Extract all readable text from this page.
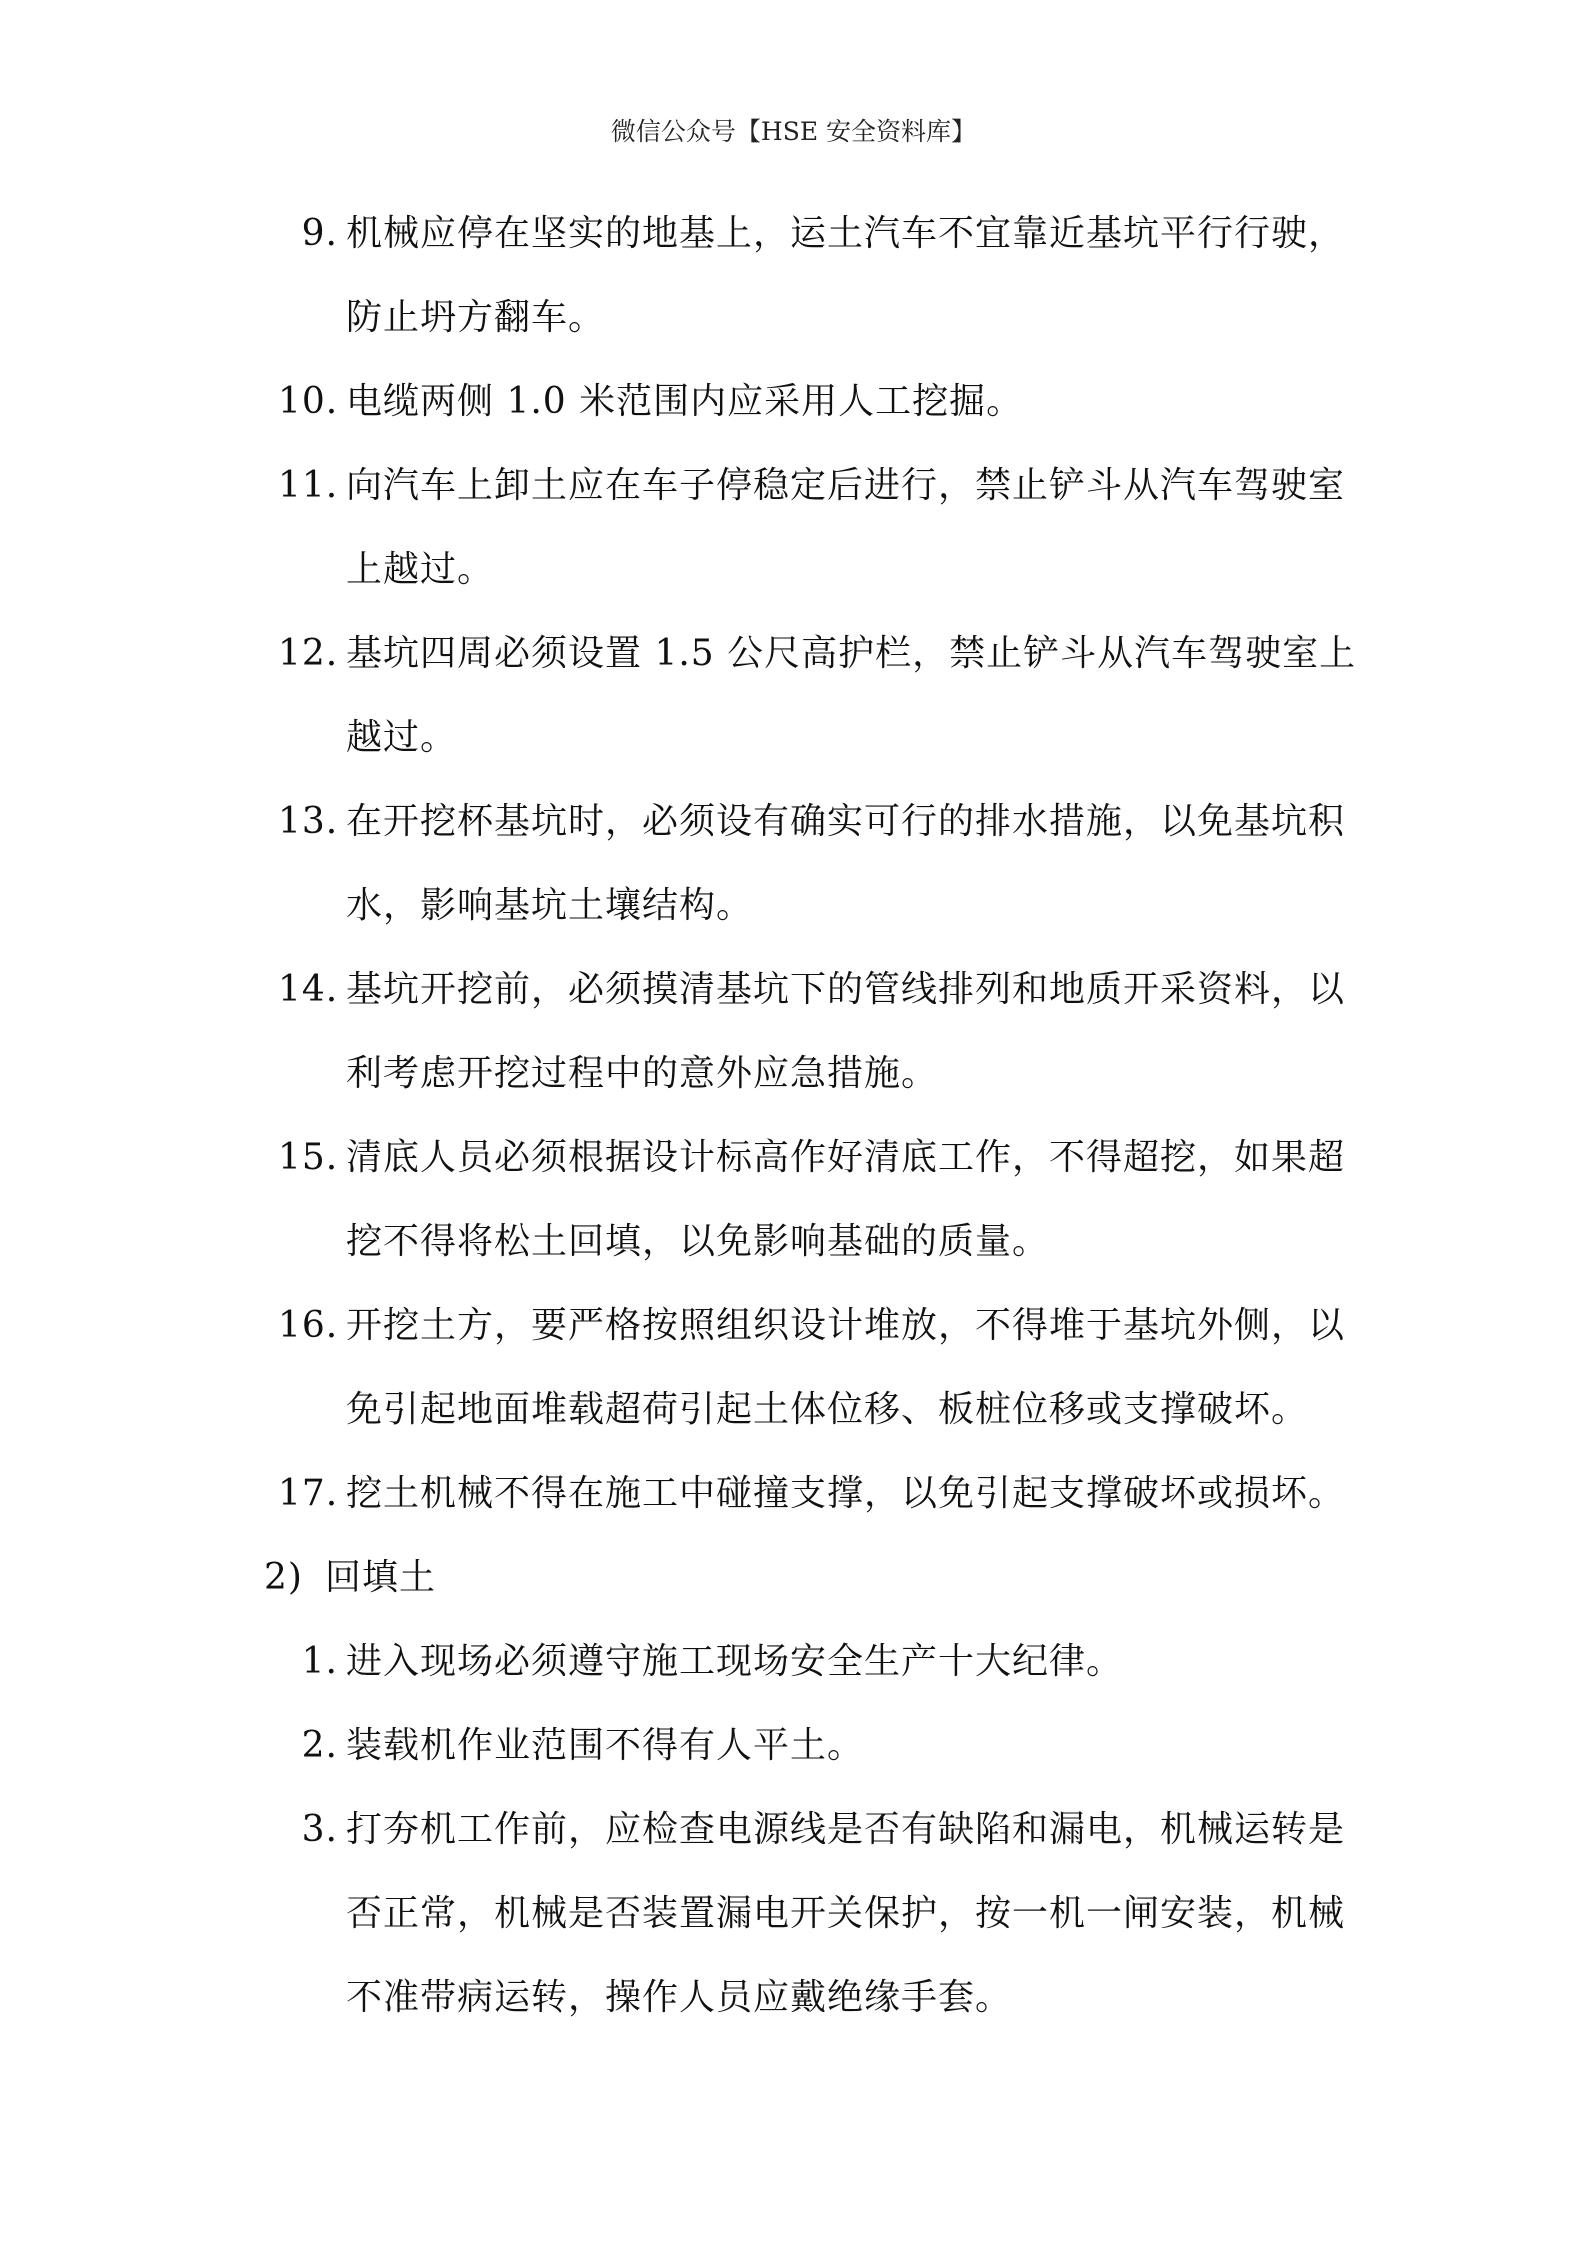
微信公众号【HSE 安全资料库】
9. 机械应停在坚实的地基上，运土汽车不宜靠近基坑平行行驶，
防止坍方翻车。
10. 电缆两侧 1.0 米范围内应采用人工挖掘。
11. 向汽车上卸土应在车子停稳定后进行，禁止铲斗从汽车驾驶室
上越过。
12. 基坑四周必须设置 1.5 公尺高护栏，禁止铲斗从汽车驾驶室上
越过。
13. 在开挖杯基坑时，必须设有确实可行的排水措施，以免基坑积
水，影响基坑土壤结构。
14. 基坑开挖前，必须摸清基坑下的管线排列和地质开采资料，以
利考虑开挖过程中的意外应急措施。
15. 清底人员必须根据设计标高作好清底工作，不得超挖，如果超
挖不得将松土回填，以免影响基础的质量。
16. 开挖土方，要严格按照组织设计堆放，不得堆于基坑外侧，以
免引起地面堆载超荷引起土体位移、板桩位移或支撑破坏。
17. 挖土机械不得在施工中碰撞支撑，以免引起支撑破坏或损坏。
2) 回填土
1. 进入现场必须遵守施工现场安全生产十大纪律。
2. 装载机作业范围不得有人平土。
3. 打夯机工作前，应检查电源线是否有缺陷和漏电，机械运转是
否正常，机械是否装置漏电开关保护，按一机一闸安装，机械
不准带病运转，操作人员应戴绝缘手套。
